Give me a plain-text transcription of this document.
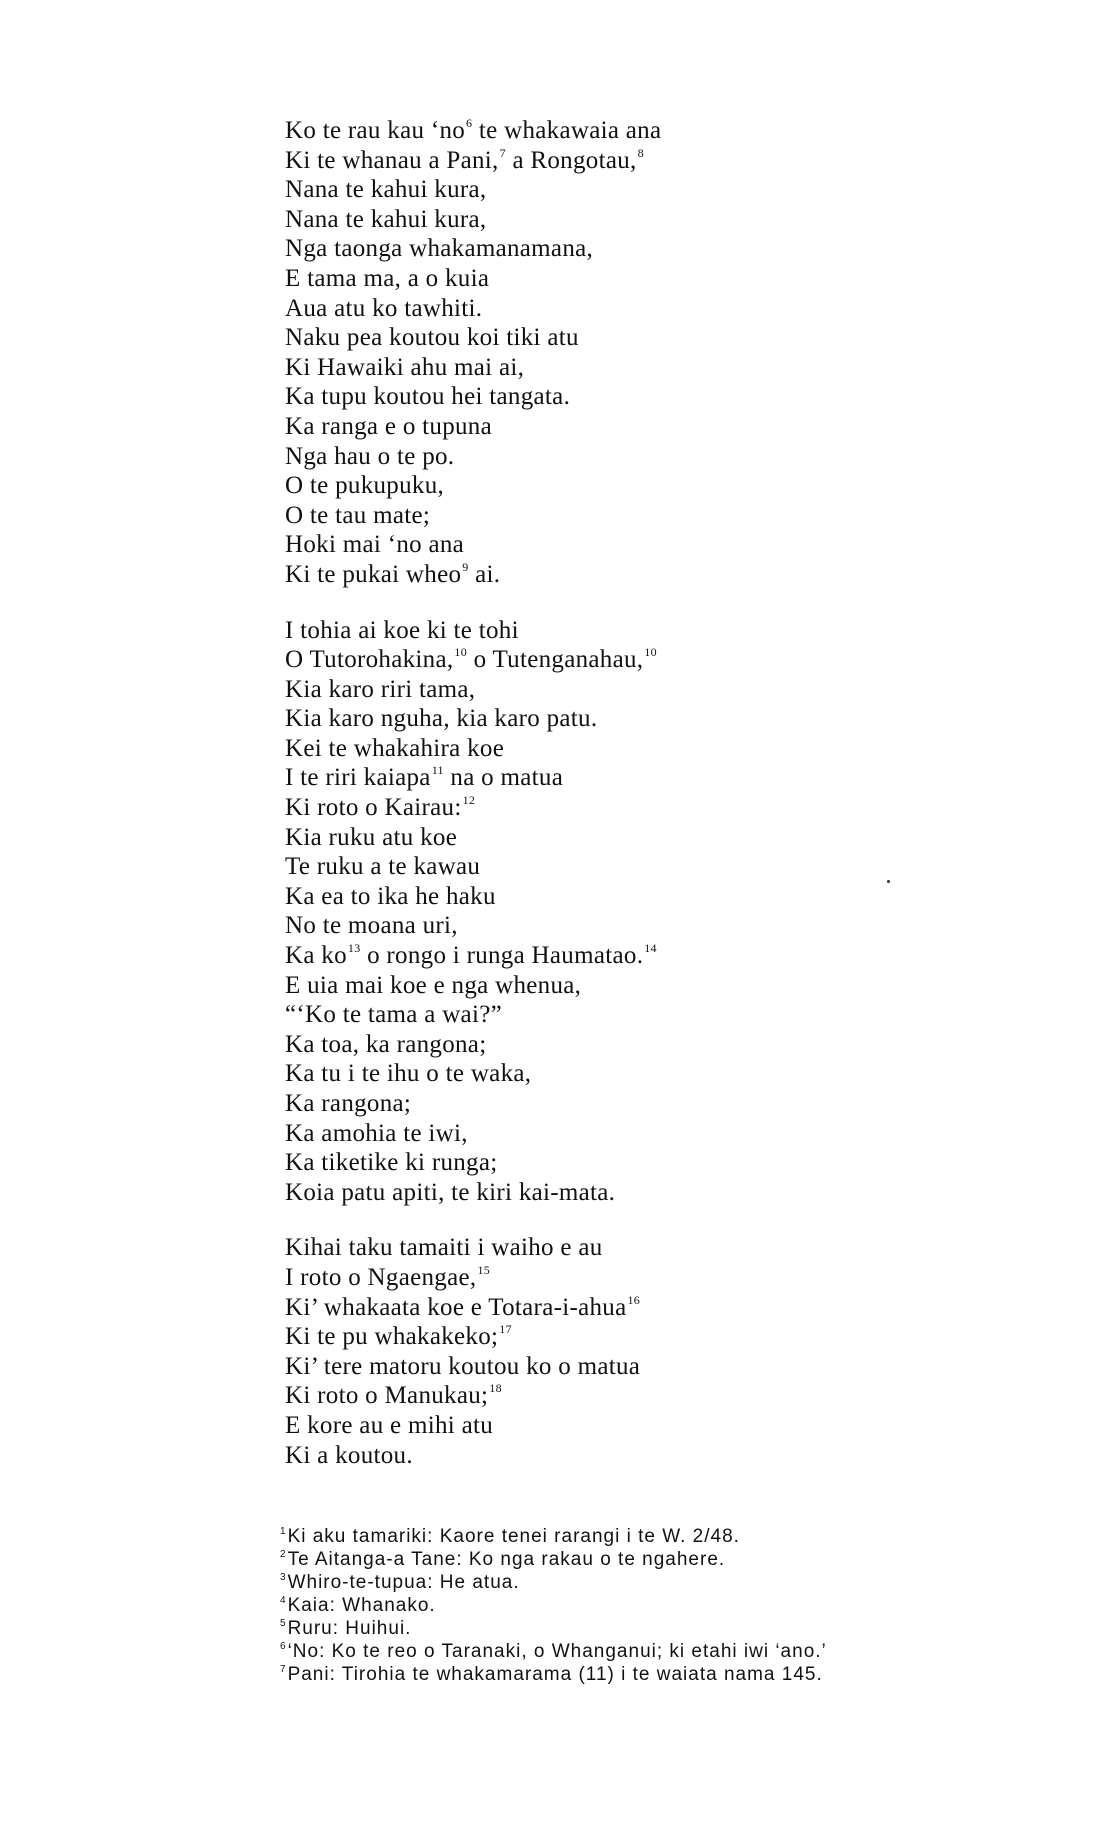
Ko te rau kau ‘no$^6$ te whakawaia ana
Ki te whanau a Pani,$^7$ a Rongotau,$^8$
Nana te kahui kura,
Nana te kahui kura,
Nga taonga whakamanamana,
E tama ma, a o kuia
Aua atu ko tawhiti.
Naku pea koutou koi tiki atu
Ki Hawaiki ahu mai ai,
Ka tupu koutou hei tangata.
Ka ranga e o tupuna
Nga hau o te po.
O te pukupuku,
O te tau mate;
Hoki mai ‘no ana
Ki te pukai wheo$^9$ ai.
I tohia ai koe ki te tohi
O Tutorohakina,$^{10}$ o Tutenganahau,$^{10}$
Kia karo riri tama,
Kia karo nguha, kia karo patu.
Kei te whakahira koe
I te riri kaiapa$^{11}$ na o matua
Ki roto o Kairau:$^{12}$
Kia ruku atu koe
Te ruku a te kawau
Ka ea to ika he haku
No te moana uri,
Ka ko$^{13}$ o rongo i runga Haumatao.$^{14}$
E uia mai koe e nga whenua,
“‘Ko te tama a wai?”
Ka toa, ka rangona;
Ka tu i te ihu o te waka,
Ka rangona;
Ka amohia te iwi,
Ka tiketike ki runga;
Koia patu apiti, te kiri kai-mata.
Kihai taku tamaiti i waiho e au
I roto o Ngaengae,$^{15}$
Ki’ whakaata koe e Totara-i-ahua$^{16}$
Ki te pu whakakeko;$^{17}$
Ki’ tere matoru koutou ko o matua
Ki roto o Manukau;$^{18}$
E kore au e mihi atu
Ki a koutou.
$^1$Ki aku tamariki: Kaore tenei rarangi i te W. 2/48.
$^2$Te Aitanga-a Tane: Ko nga rakau o te ngahere.
$^3$Whiro-te-tupua: He atua.
$^4$Kaia: Whanako.
$^5$Ruru: Huihui.
$^6$‘No: Ko te reo o Taranaki, o Whanganui; ki etahi iwi ‘ano.’
$^7$Pani: Tirohia te whakamarama (11) i te waiata nama 145.
